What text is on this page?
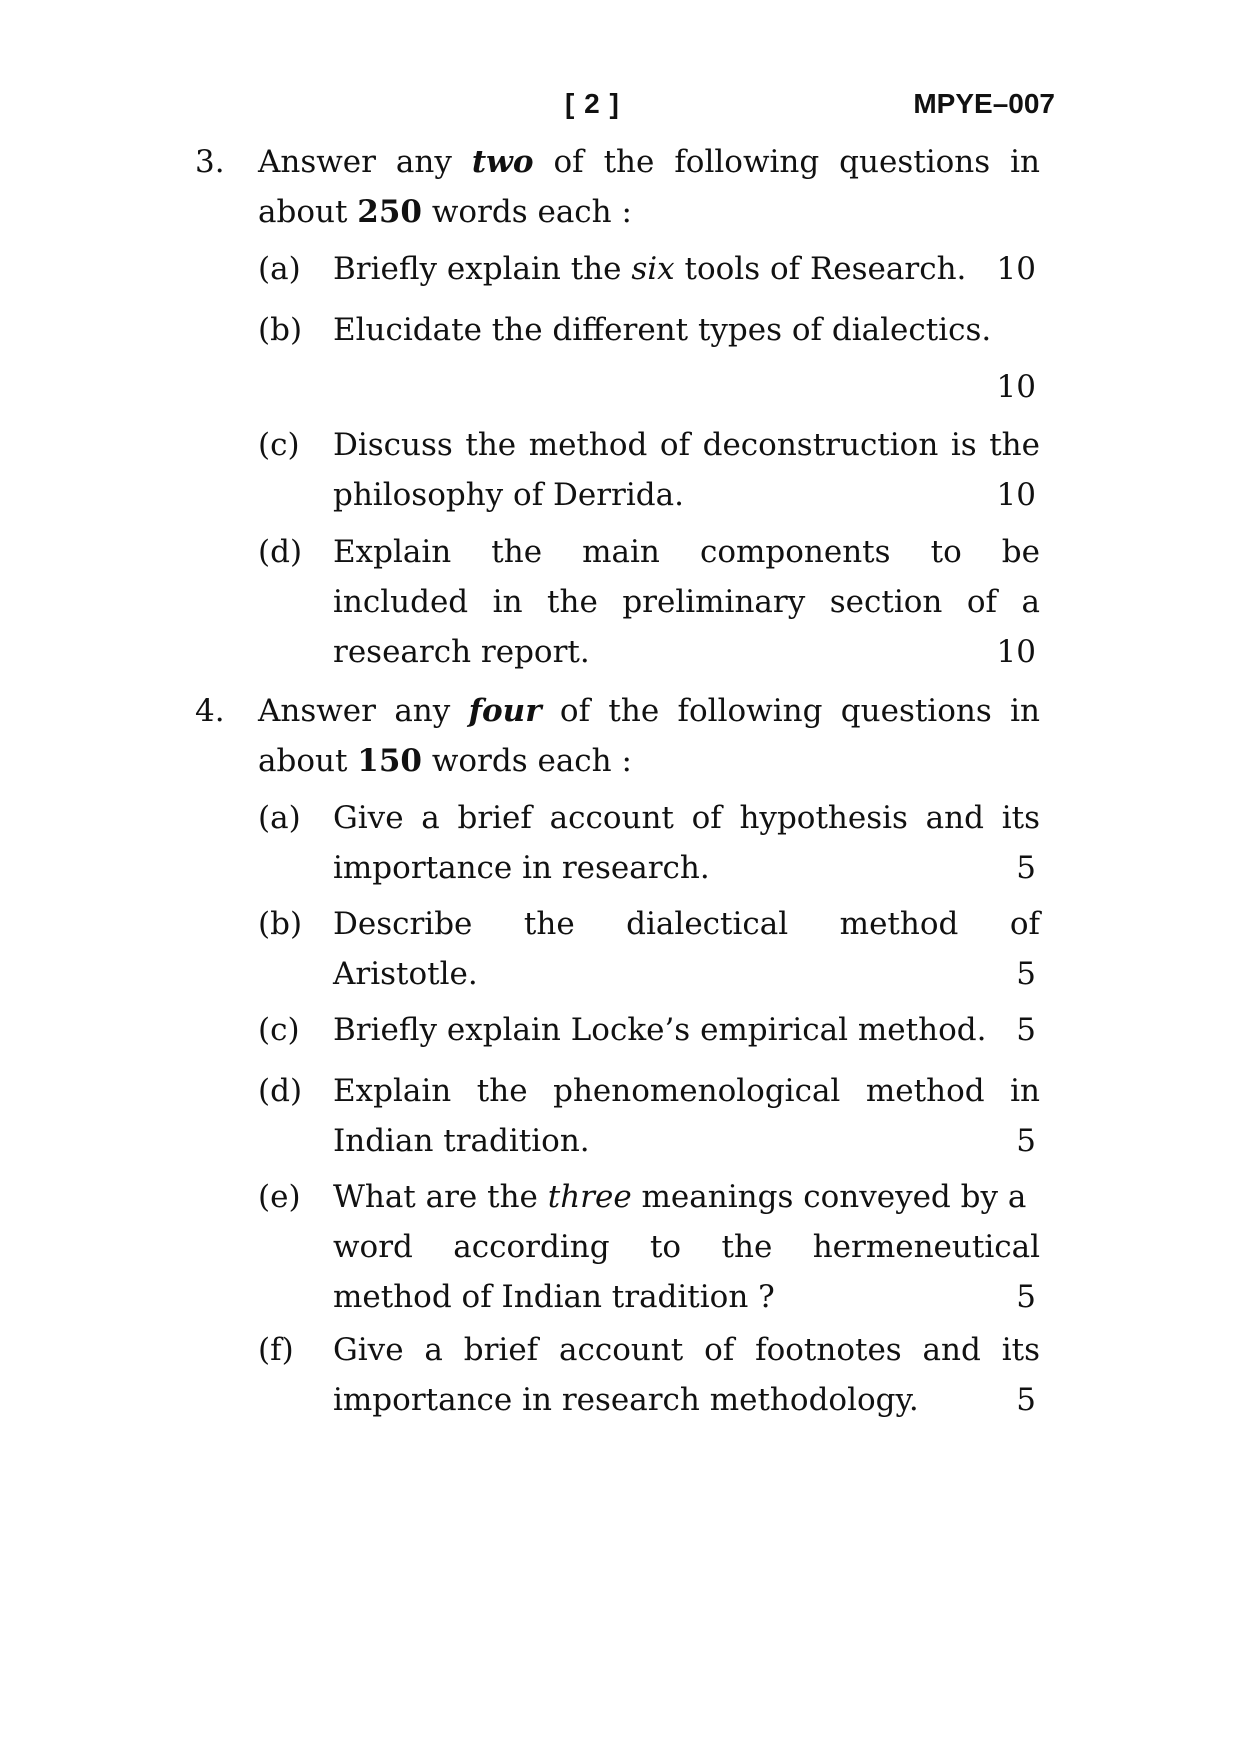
[ 2 ]	MPYE–007
3. Answer any two of the following questions in
about 250 words each :
(a) Briefly explain the six tools of Research. 10
(b) Elucidate the different types of dialectics.
10
(c) Discuss the method of deconstruction is the
philosophy of Derrida.	10
(d) Explain the main components to be
included in the preliminary section of a
research report.	10
4. Answer any four of the following questions in
about 150 words each :
(a) Give a brief account of hypothesis and its
importance in research.	5
(b) Describe the dialectical method of
Aristotle.	5
(c) Briefly explain Locke’s empirical method. 5
(d) Explain the phenomenological method in
Indian tradition.	5
(e) What are the three meanings conveyed by a
word according to the hermeneutical
method of Indian tradition ?	5
(f) Give a brief account of footnotes and its
importance in research methodology.	5
